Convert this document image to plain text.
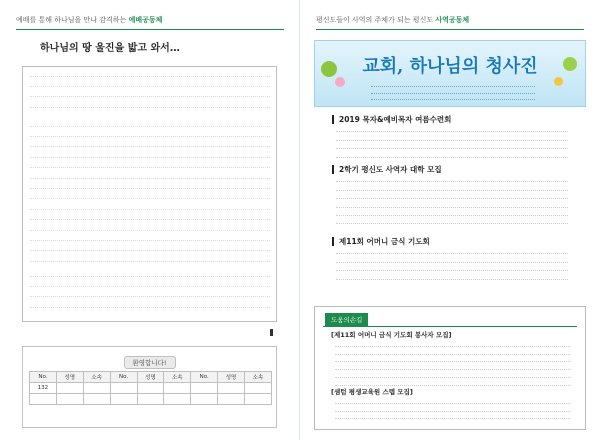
예배를 통해 하나님을 만나 감격하는 예배공동체
하나님의 땅 울진을 밟고 와서…
환영합니다!
No.	성명	소속	No.	성명	소속	No.	성명	소속
132								

평신도들이 사역의 주체가 되는 평신도 사역공동체
교회, 하나님의 청사진
2019 목자&예비목자 여름수련회
2학기 평신도 사역자 대학 모집
제11회 어머니 금식 기도회
도움의손길
[제11회 어머니 금식 기도회 봉사자 모집]
[샘텀 평생교육원 스텝 모집]
